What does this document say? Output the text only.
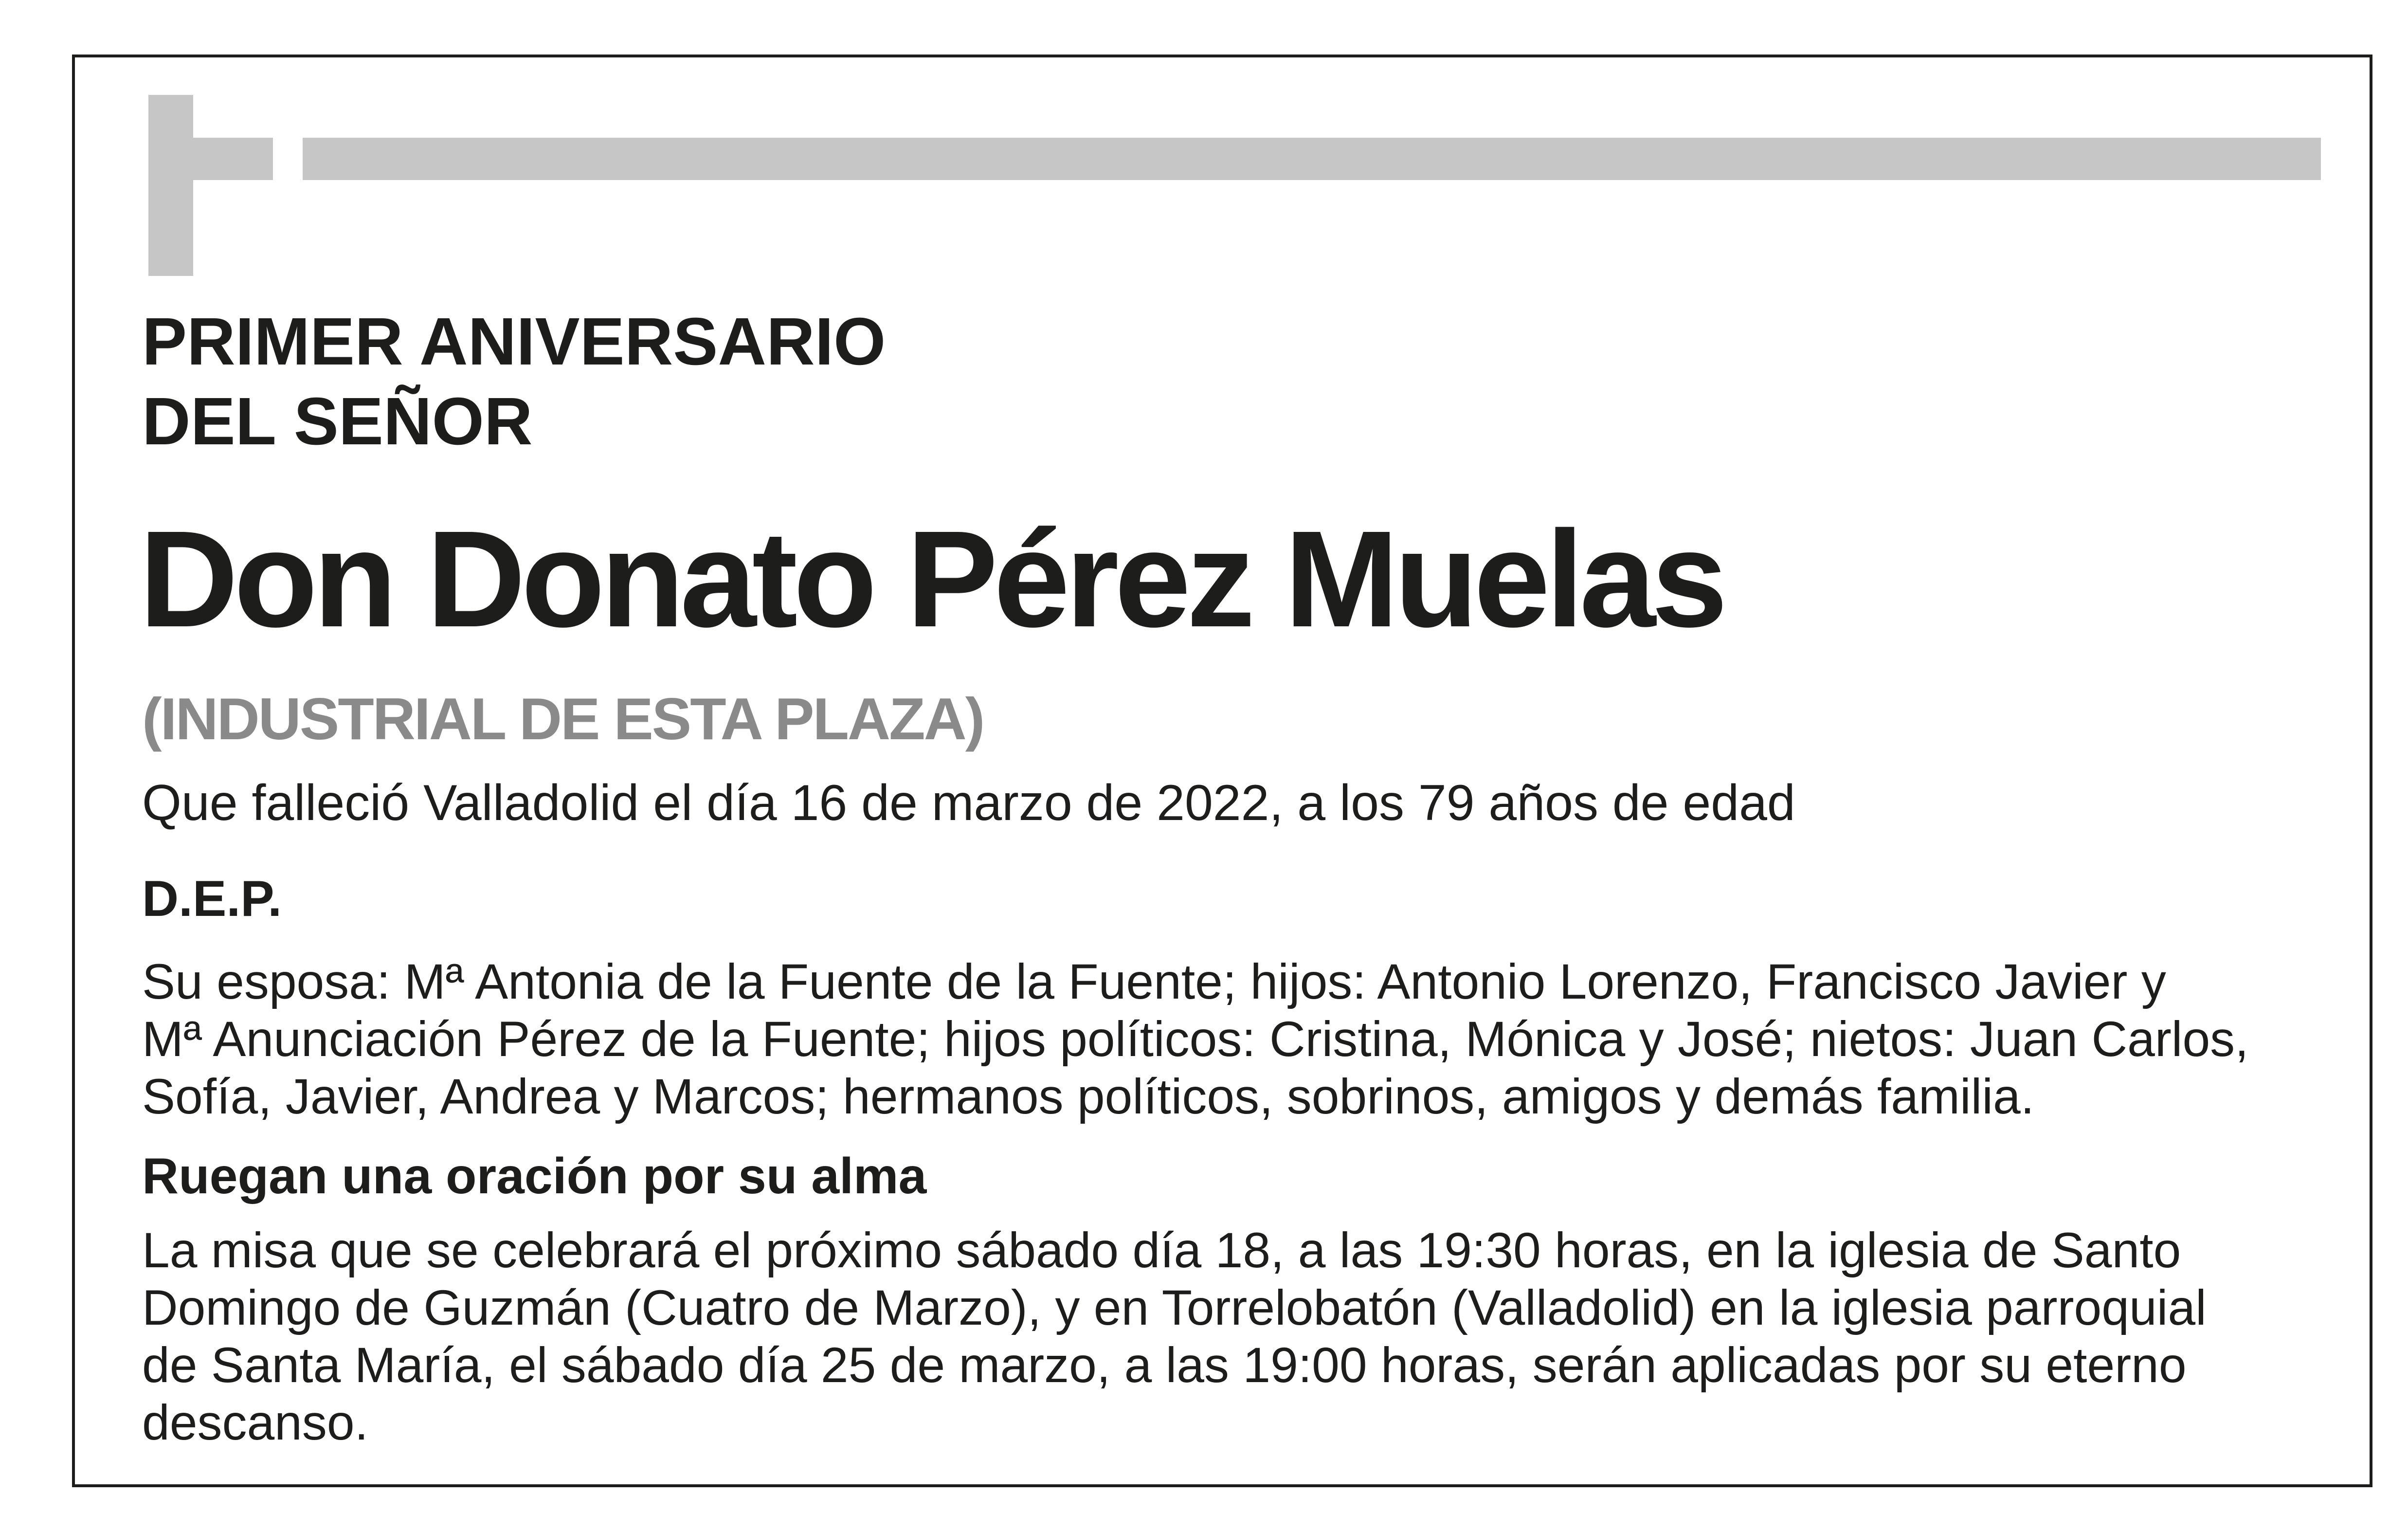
PRIMER ANIVERSARIO
DEL SEÑOR
Don Donato Pérez Muelas
(INDUSTRIAL DE ESTA PLAZA)
Que falleció Valladolid el día 16 de marzo de 2022, a los 79 años de edad
D.E.P.
Su esposa: Mª Antonia de la Fuente de la Fuente; hijos: Antonio Lorenzo, Francisco Javier y
Mª Anunciación Pérez de la Fuente; hijos políticos: Cristina, Mónica y José; nietos: Juan Carlos,
Sofía, Javier, Andrea y Marcos; hermanos políticos, sobrinos, amigos y demás familia.
Ruegan una oración por su alma
La misa que se celebrará el próximo sábado día 18, a las 19:30 horas, en la iglesia de Santo
Domingo de Guzmán (Cuatro de Marzo), y en Torrelobatón (Valladolid) en la iglesia parroquial
de Santa María, el sábado día 25 de marzo, a las 19:00 horas, serán aplicadas por su eterno
descanso.
